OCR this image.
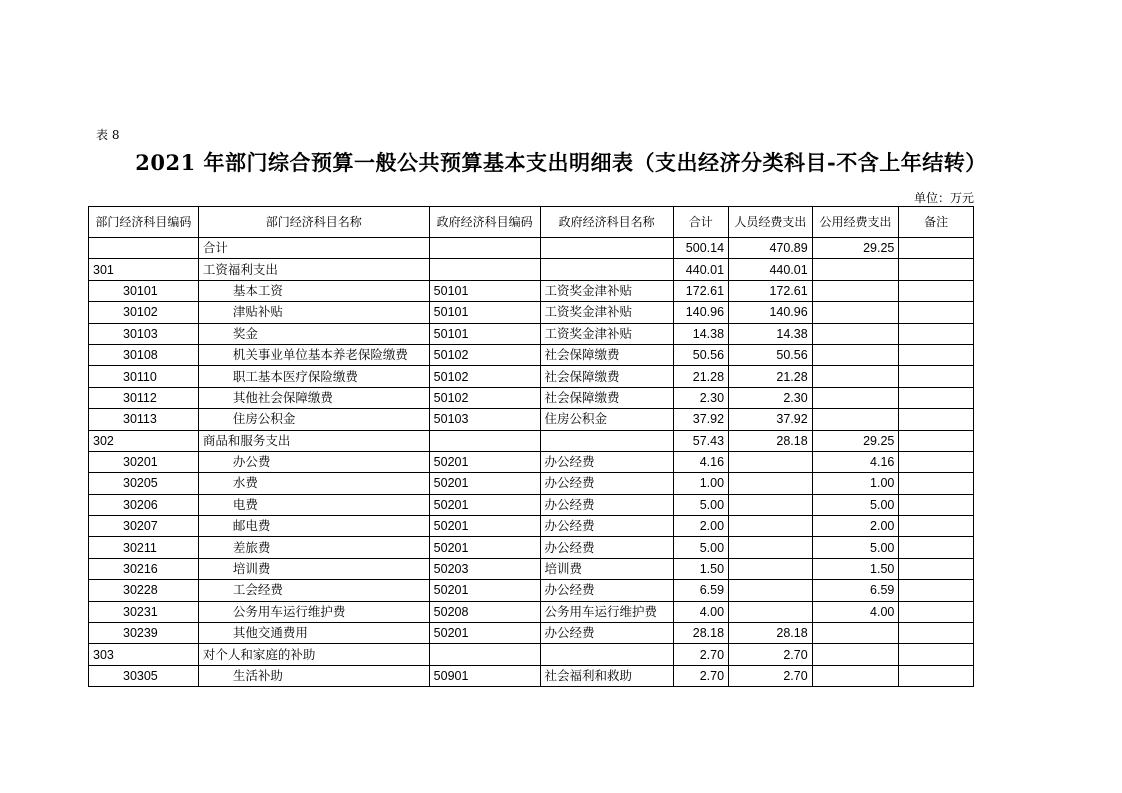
表 8
2021 年部门综合预算一般公共预算基本支出明细表（支出经济分类科目-不含上年结转）
单位：万元
部门经济科目编码	部门经济科目名称	政府经济科目编码	政府经济科目名称	合计	人员经费支出	公用经费支出	备注
	合计			500.14	470.89	29.25	
301	工资福利支出			440.01	440.01		
30101	基本工资	50101	工资奖金津补贴	172.61	172.61		
30102	津贴补贴	50101	工资奖金津补贴	140.96	140.96		
30103	奖金	50101	工资奖金津补贴	14.38	14.38		
30108	机关事业单位基本养老保险缴费	50102	社会保障缴费	50.56	50.56		
30110	职工基本医疗保险缴费	50102	社会保障缴费	21.28	21.28		
30112	其他社会保障缴费	50102	社会保障缴费	2.30	2.30		
30113	住房公积金	50103	住房公积金	37.92	37.92		
302	商品和服务支出			57.43	28.18	29.25	
30201	办公费	50201	办公经费	4.16		4.16	
30205	水费	50201	办公经费	1.00		1.00	
30206	电费	50201	办公经费	5.00		5.00	
30207	邮电费	50201	办公经费	2.00		2.00	
30211	差旅费	50201	办公经费	5.00		5.00	
30216	培训费	50203	培训费	1.50		1.50	
30228	工会经费	50201	办公经费	6.59		6.59	
30231	公务用车运行维护费	50208	公务用车运行维护费	4.00		4.00	
30239	其他交通费用	50201	办公经费	28.18	28.18		
303	对个人和家庭的补助			2.70	2.70		
30305	生活补助	50901	社会福利和救助	2.70	2.70		
